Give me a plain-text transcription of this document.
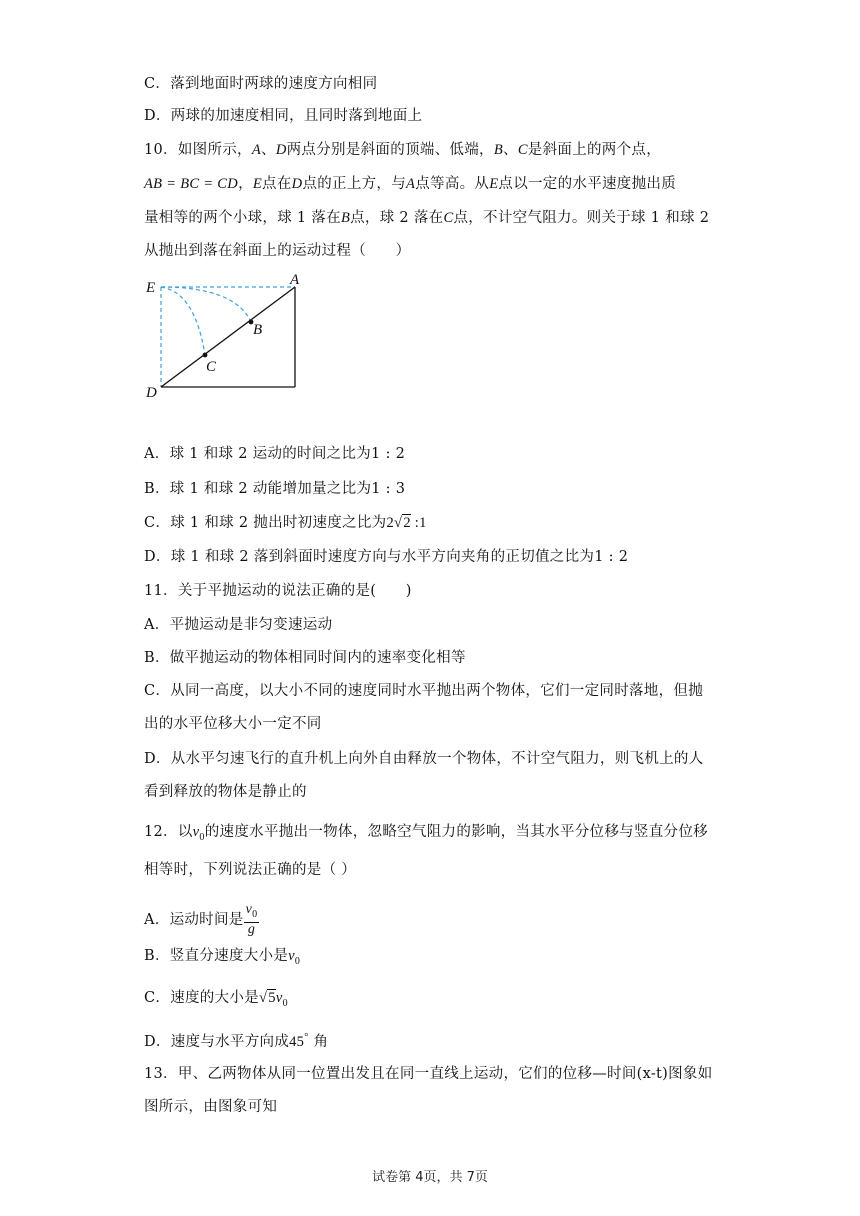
C．落到地面时两球的速度方向相同
D．两球的加速度相同，且同时落到地面上
10．如图所示，A、D两点分别是斜面的顶端、低端，B、C是斜面上的两个点，
AB = BC = CD，E点在D点的正上方，与A点等高。从E点以一定的水平速度抛出质
量相等的两个小球，球 1 落在B点，球 2 落在C点，不计空气阻力。则关于球 1 和球 2
从抛出到落在斜面上的运动过程（　　）
E	A
B
C
D
A．球 1 和球 2 运动的时间之比为1 : 2
B．球 1 和球 2 动能增加量之比为1 : 3
C．球 1 和球 2 抛出时初速度之比为2√2 :1
D．球 1 和球 2 落到斜面时速度方向与水平方向夹角的正切值之比为1 : 2
11．关于平抛运动的说法正确的是(　　)
A．平抛运动是非匀变速运动
B．做平抛运动的物体相同时间内的速率变化相等
C．从同一高度，以大小不同的速度同时水平抛出两个物体，它们一定同时落地，但抛
出的水平位移大小一定不同
D．从水平匀速飞行的直升机上向外自由释放一个物体，不计空气阻力，则飞机上的人
看到释放的物体是静止的
12．以$v_0$的速度水平抛出一物体，忽略空气阻力的影响，当其水平分位移与竖直分位移
相等时，下列说法正确的是（ ）
A．运动时间是 $\frac{v_0}{g}$
B．竖直分速度大小是$v_0$
C．速度的大小是$√5v_0$
D．速度与水平方向成45° 角
13．甲、乙两物体从同一位置出发且在同一直线上运动，它们的位移—时间(x-t)图象如
图所示，由图象可知
试卷第 4页，共 7页
